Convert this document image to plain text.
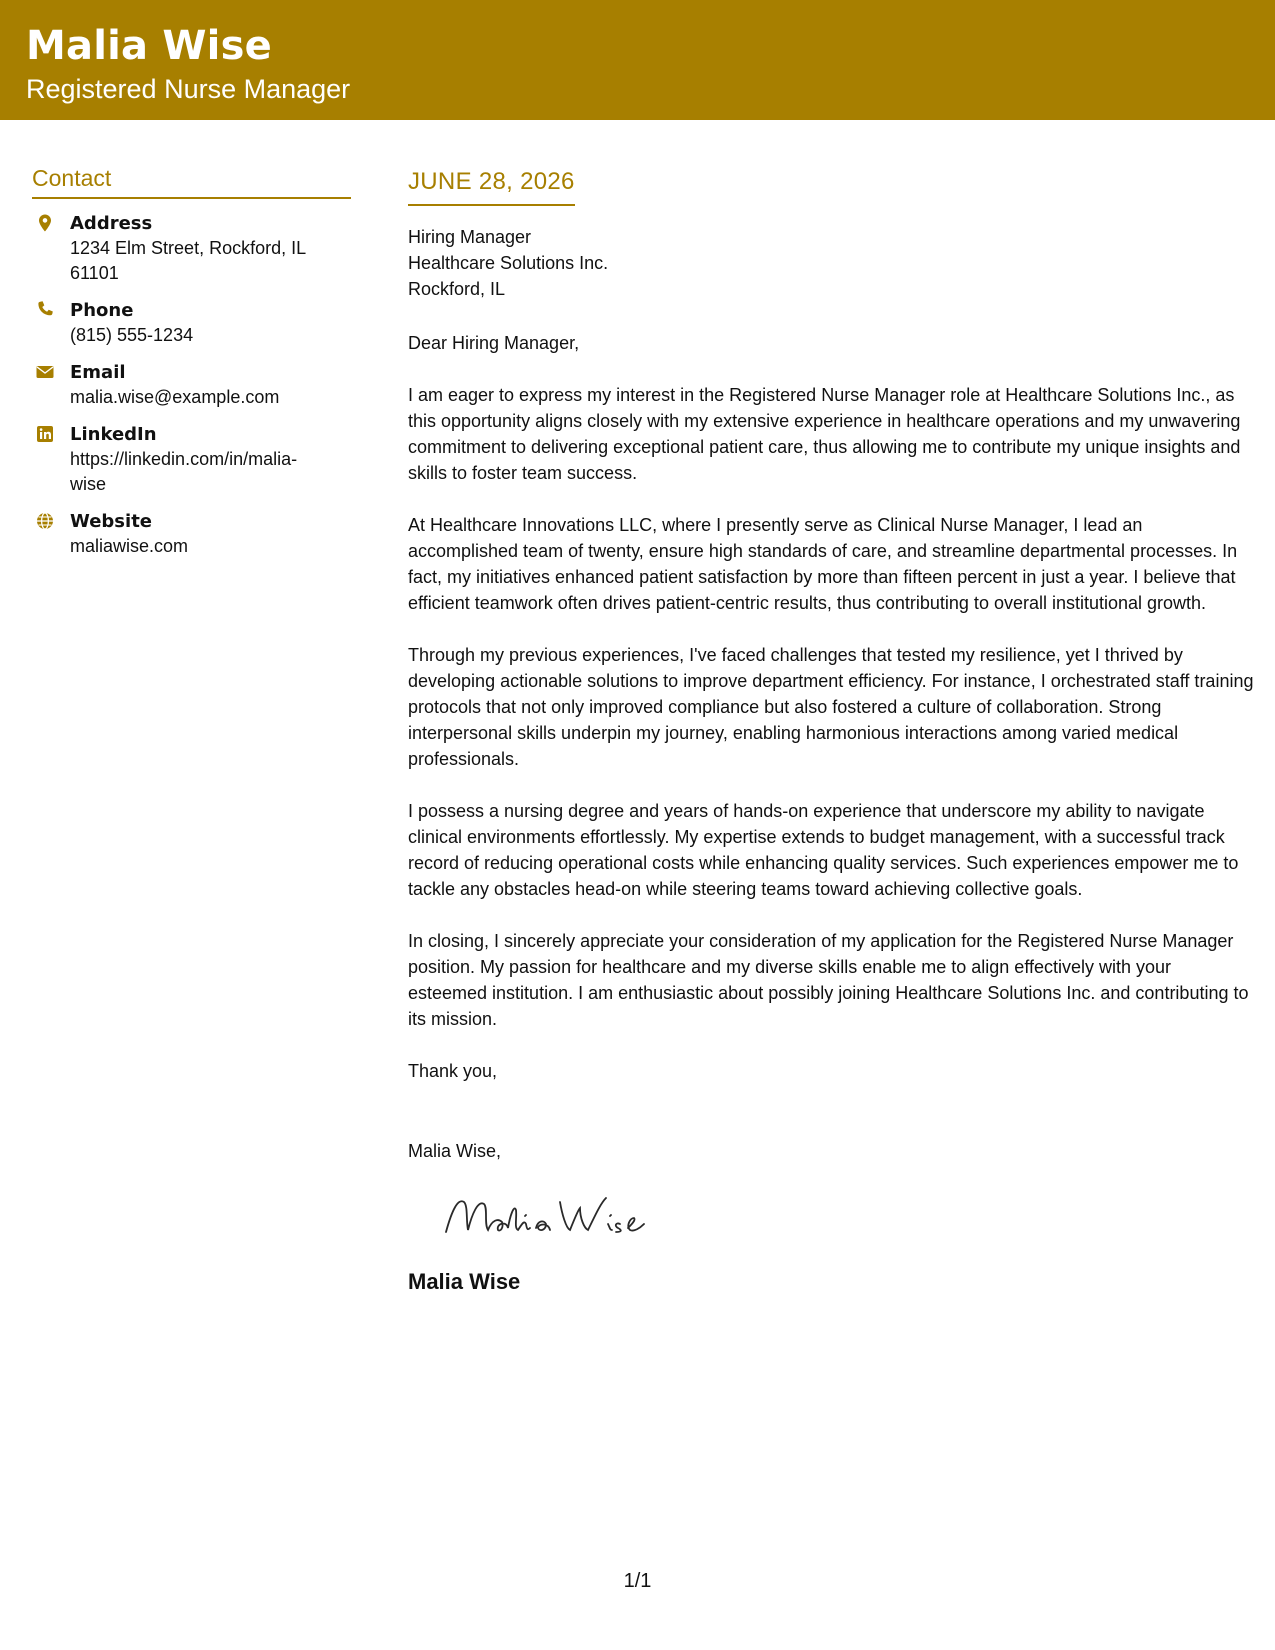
Malia Wise
Registered Nurse Manager
Contact
Address
1234 Elm Street, Rockford, IL 61101
Phone
(815) 555-1234
Email
malia.wise@example.com
LinkedIn
https://linkedin.com/in/malia-wise
Website
maliawise.com
JUNE 28, 2026
Hiring Manager
Healthcare Solutions Inc.
Rockford, IL
Dear Hiring Manager,

I am eager to express my interest in the Registered Nurse Manager role at Healthcare Solutions Inc., as this opportunity aligns closely with my extensive experience in healthcare operations and my unwavering commitment to delivering exceptional patient care, thus allowing me to contribute my unique insights and skills to foster team success.

At Healthcare Innovations LLC, where I presently serve as Clinical Nurse Manager, I lead an accomplished team of twenty, ensure high standards of care, and streamline departmental processes. In fact, my initiatives enhanced patient satisfaction by more than fifteen percent in just a year. I believe that efficient teamwork often drives patient-centric results, thus contributing to overall institutional growth.

Through my previous experiences, I've faced challenges that tested my resilience, yet I thrived by developing actionable solutions to improve department efficiency. For instance, I orchestrated staff training protocols that not only improved compliance but also fostered a culture of collaboration. Strong interpersonal skills underpin my journey, enabling harmonious interactions among varied medical professionals.

I possess a nursing degree and years of hands-on experience that underscore my ability to navigate clinical environments effortlessly. My expertise extends to budget management, with a successful track record of reducing operational costs while enhancing quality services. Such experiences empower me to tackle any obstacles head-on while steering teams toward achieving collective goals.

In closing, I sincerely appreciate your consideration of my application for the Registered Nurse Manager position. My passion for healthcare and my diverse skills enable me to align effectively with your esteemed institution. I am enthusiastic about possibly joining Healthcare Solutions Inc. and contributing to its mission.

Thank you,
Malia Wise,
Malia Wise
1/1
